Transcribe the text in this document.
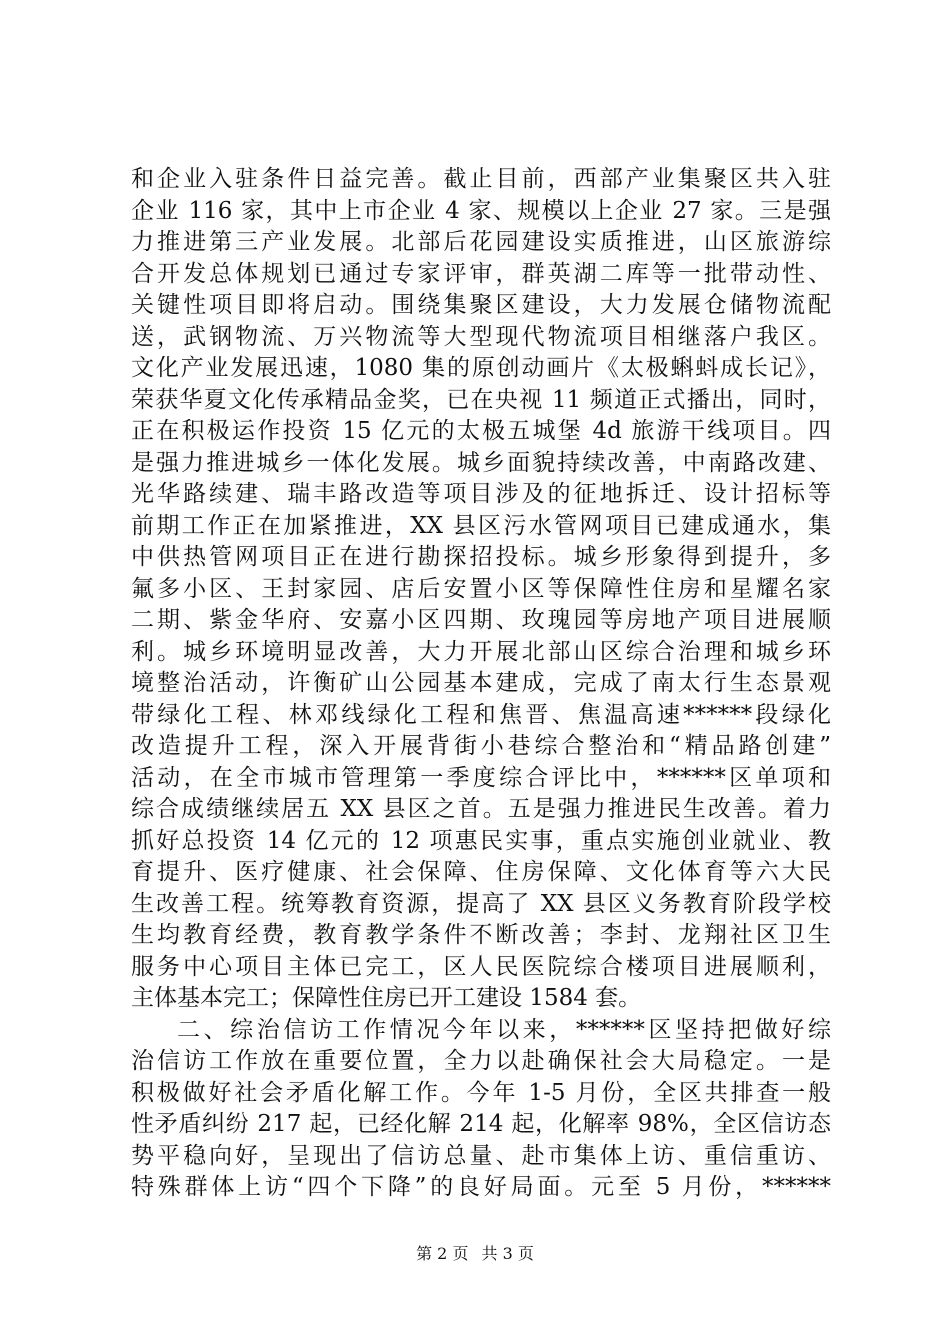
和企业入驻条件日益完善。截止目前，西部产业集聚区共入驻
企业 116 家，其中上市企业 4 家、规模以上企业 27 家。三是强
力推进第三产业发展。北部后花园建设实质推进，山区旅游综
合开发总体规划已通过专家评审，群英湖二库等一批带动性、
关键性项目即将启动。围绕集聚区建设，大力发展仓储物流配
送，武钢物流、万兴物流等大型现代物流项目相继落户我区。
文化产业发展迅速，1080 集的原创动画片《太极蝌蚪成长记》，
荣获华夏文化传承精品金奖，已在央视 11 频道正式播出，同时，
正在积极运作投资 15 亿元的太极五城堡 4d 旅游干线项目。四
是强力推进城乡一体化发展。城乡面貌持续改善，中南路改建、
光华路续建、瑞丰路改造等项目涉及的征地拆迁、设计招标等
前期工作正在加紧推进，XX 县区污水管网项目已建成通水，集
中供热管网项目正在进行勘探招投标。城乡形象得到提升，多
氟多小区、王封家园、店后安置小区等保障性住房和星耀名家
二期、紫金华府、安嘉小区四期、玫瑰园等房地产项目进展顺
利。城乡环境明显改善，大力开展北部山区综合治理和城乡环
境整治活动，许衡矿山公园基本建成，完成了南太行生态景观
带绿化工程、林邓线绿化工程和焦晋、焦温高速******段绿化
改造提升工程，深入开展背街小巷综合整治和“精品路创建”
活动，在全市城市管理第一季度综合评比中，******区单项和
综合成绩继续居五 XX 县区之首。五是强力推进民生改善。着力
抓好总投资 14 亿元的 12 项惠民实事，重点实施创业就业、教
育提升、医疗健康、社会保障、住房保障、文化体育等六大民
生改善工程。统筹教育资源，提高了 XX 县区义务教育阶段学校
生均教育经费，教育教学条件不断改善；李封、龙翔社区卫生
服务中心项目主体已完工，区人民医院综合楼项目进展顺利，
主体基本完工；保障性住房已开工建设 1584 套。
二、综治信访工作情况今年以来，******区坚持把做好综
治信访工作放在重要位置，全力以赴确保社会大局稳定。一是
积极做好社会矛盾化解工作。今年 1-5 月份，全区共排查一般
性矛盾纠纷 217 起，已经化解 214 起，化解率 98%，全区信访态
势平稳向好，呈现出了信访总量、赴市集体上访、重信重访、
特殊群体上访“四个下降”的良好局面。元至 5 月份，******
第 2 页 共 3 页
